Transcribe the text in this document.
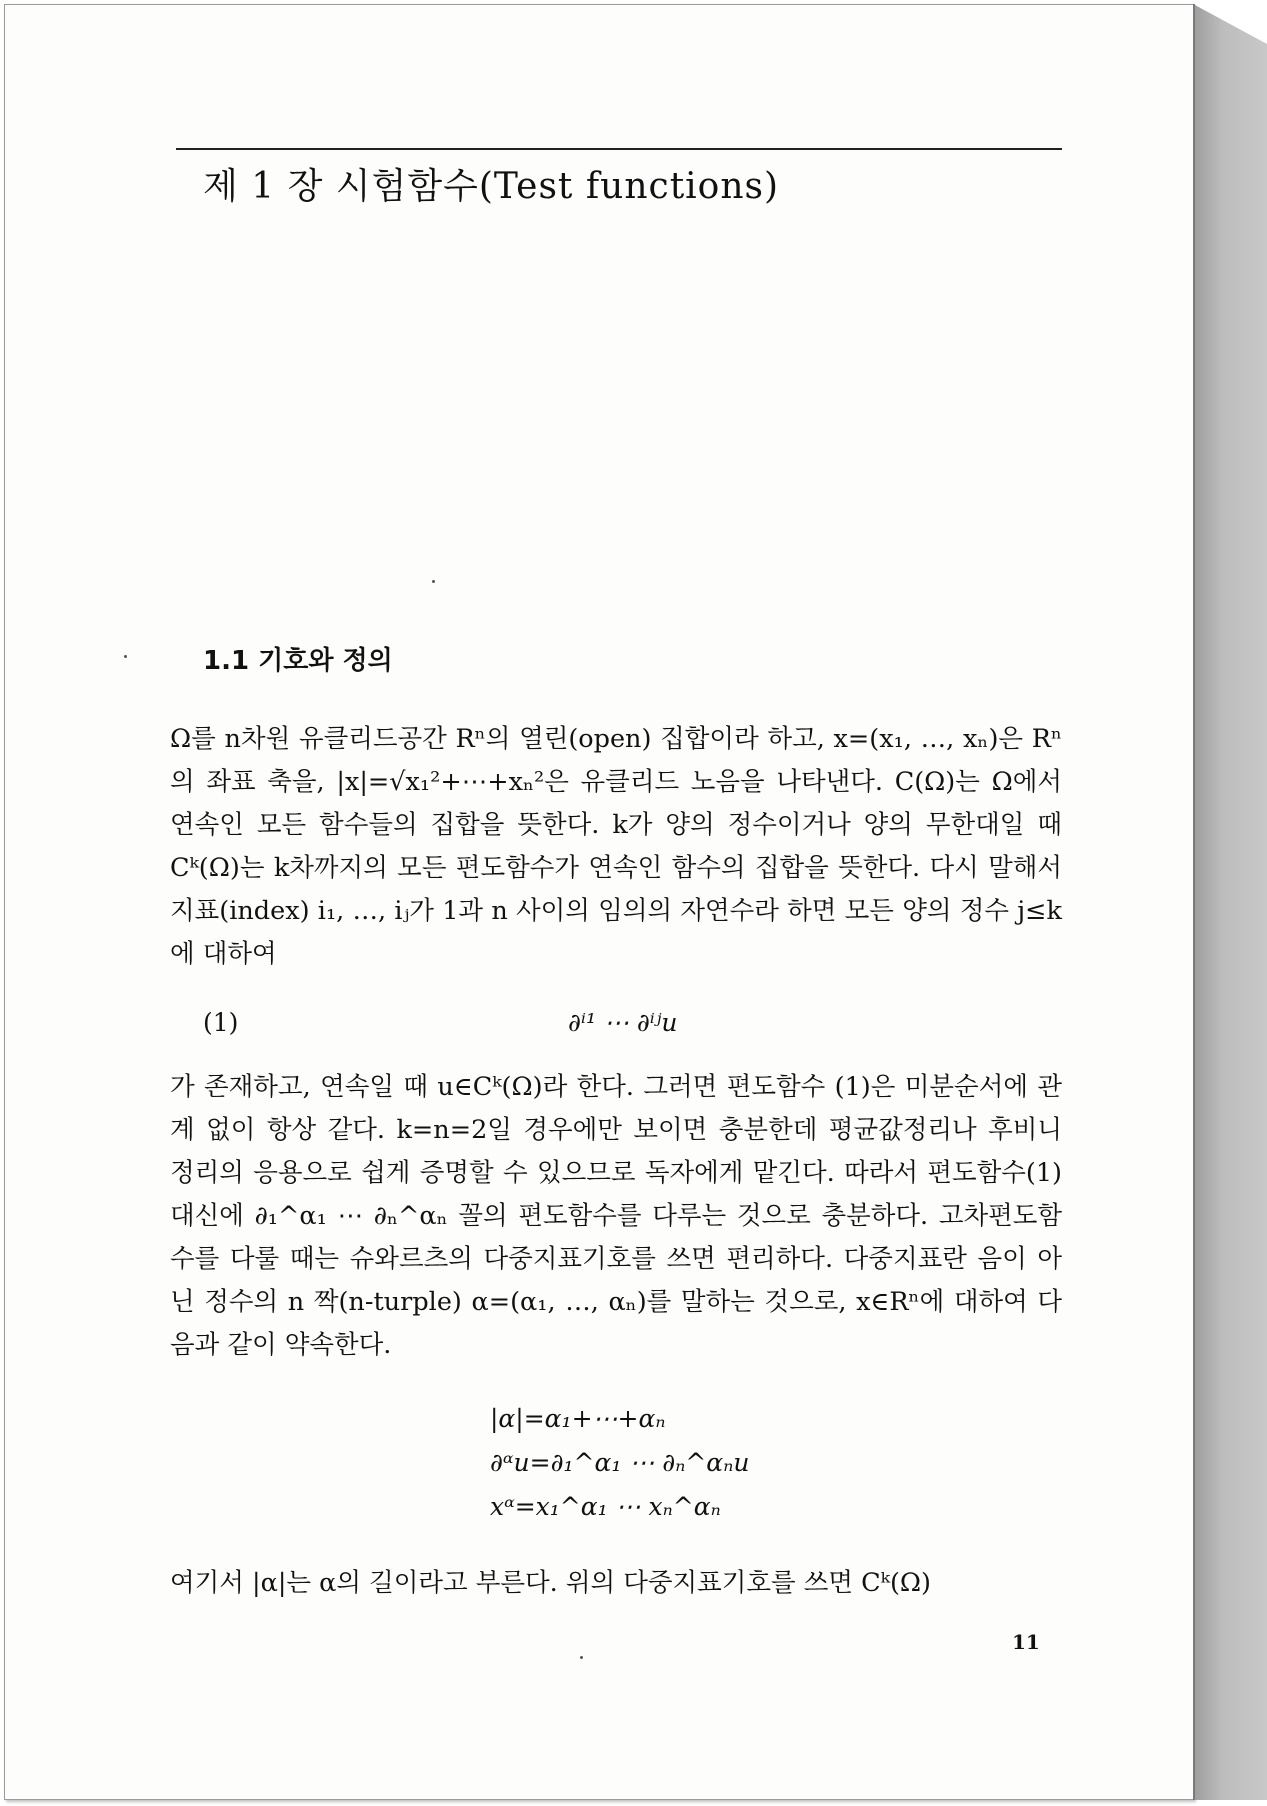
제 1 장 시험함수(Test functions)
1.1 기호와 정의
Ω를 n차원 유클리드공간 Rⁿ의 열린(open) 집합이라 하고, x=(x₁, …, xₙ)은 Rⁿ의 좌표 축을, |x|=√x₁²+⋯+xₙ²은 유클리드 노음을 나타낸다. C(Ω)는 Ω에서 연속인 모든 함수들의 집합을 뜻한다. k가 양의 정수이거나 양의 무한대일 때 Cᵏ(Ω)는 k차까지의 모든 편도함수가 연속인 함수의 집합을 뜻한다. 다시 말해서 지표(index) i₁, …, iⱼ가 1과 n 사이의 임의의 자연수라 하면 모든 양의 정수 j≤k에 대하여
(1)	∂ⁱ¹ ⋯ ∂ⁱʲu
가 존재하고, 연속일 때 u∈Cᵏ(Ω)라 한다. 그러면 편도함수 (1)은 미분순서에 관계 없이 항상 같다. k=n=2일 경우에만 보이면 충분한데 평균값정리나 후비니 정리의 응용으로 쉽게 증명할 수 있으므로 독자에게 맡긴다. 따라서 편도함수(1) 대신에 ∂₁^α₁ ⋯ ∂ₙ^αₙ 꼴의 편도함수를 다루는 것으로 충분하다. 고차편도함수를 다룰 때는 슈와르츠의 다중지표기호를 쓰면 편리하다. 다중지표란 음이 아닌 정수의 n 짝(n-turple) α=(α₁, …, αₙ)를 말하는 것으로, x∈Rⁿ에 대하여 다음과 같이 약속한다.
|α|=α₁+⋯+αₙ
∂ᵅu=∂₁^α₁ ⋯ ∂ₙ^αₙu
xᵅ=x₁^α₁ ⋯ xₙ^αₙ
여기서 |α|는 α의 길이라고 부른다. 위의 다중지표기호를 쓰면 Cᵏ(Ω)
11
